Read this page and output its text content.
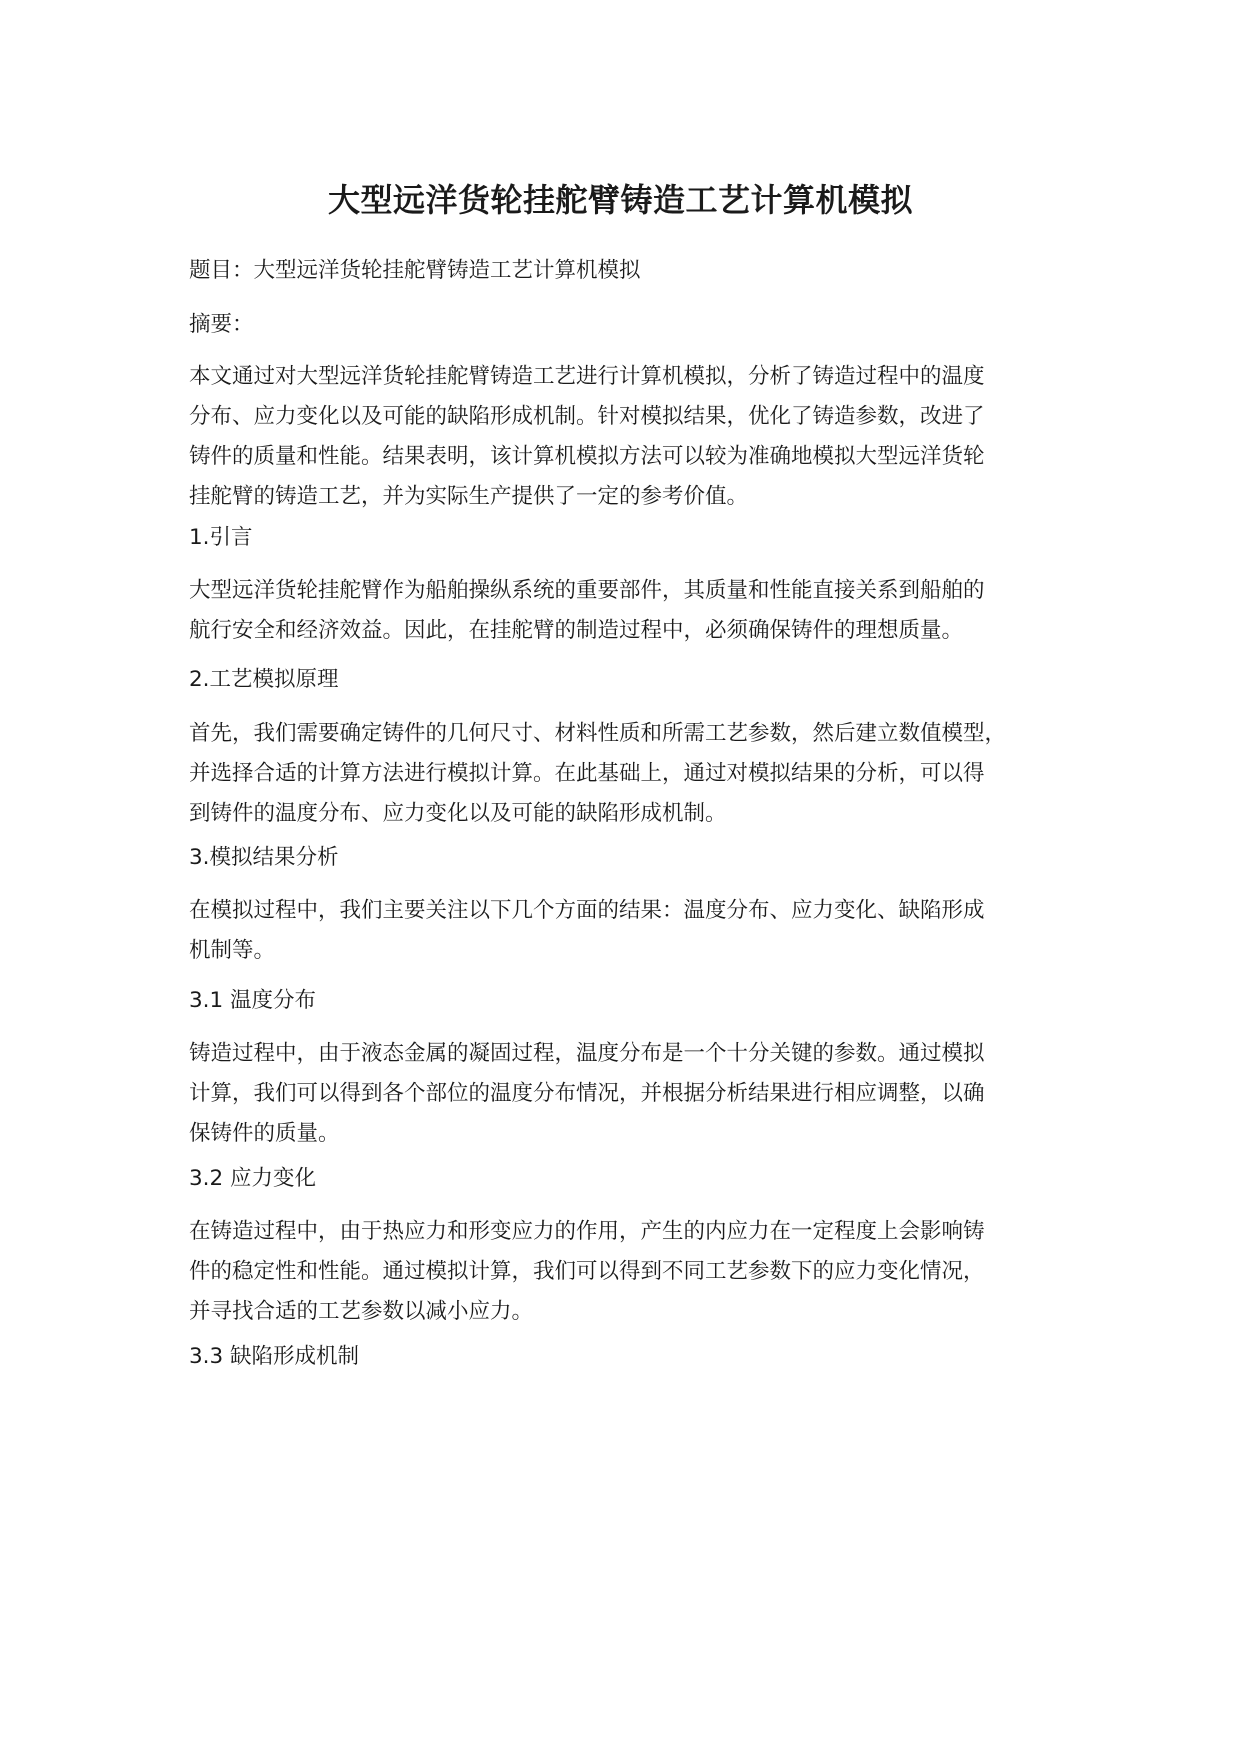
大型远洋货轮挂舵臂铸造工艺计算机模拟

题目：大型远洋货轮挂舵臂铸造工艺计算机模拟

摘要：

本文通过对大型远洋货轮挂舵臂铸造工艺进行计算机模拟，分析了铸造过程中的温度
分布、应力变化以及可能的缺陷形成机制。针对模拟结果，优化了铸造参数，改进了
铸件的质量和性能。结果表明，该计算机模拟方法可以较为准确地模拟大型远洋货轮
挂舵臂的铸造工艺，并为实际生产提供了一定的参考价值。

1.引言

大型远洋货轮挂舵臂作为船舶操纵系统的重要部件，其质量和性能直接关系到船舶的
航行安全和经济效益。因此，在挂舵臂的制造过程中，必须确保铸件的理想质量。

2.工艺模拟原理

首先，我们需要确定铸件的几何尺寸、材料性质和所需工艺参数，然后建立数值模型，
并选择合适的计算方法进行模拟计算。在此基础上，通过对模拟结果的分析，可以得
到铸件的温度分布、应力变化以及可能的缺陷形成机制。

3.模拟结果分析

在模拟过程中，我们主要关注以下几个方面的结果：温度分布、应力变化、缺陷形成
机制等。

3.1 温度分布

铸造过程中，由于液态金属的凝固过程，温度分布是一个十分关键的参数。通过模拟
计算，我们可以得到各个部位的温度分布情况，并根据分析结果进行相应调整，以确
保铸件的质量。

3.2 应力变化

在铸造过程中，由于热应力和形变应力的作用，产生的内应力在一定程度上会影响铸
件的稳定性和性能。通过模拟计算，我们可以得到不同工艺参数下的应力变化情况，
并寻找合适的工艺参数以减小应力。

3.3 缺陷形成机制
